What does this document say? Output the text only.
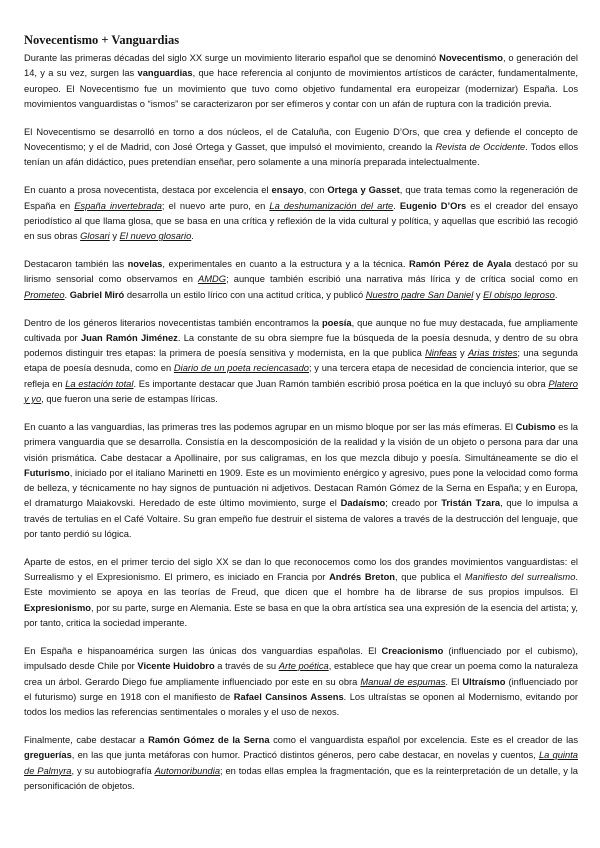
Novecentismo + Vanguardias

Durante las primeras décadas del siglo XX surge un movimiento literario español que se denominó Novecentismo, o generación del 14, y a su vez, surgen las vanguardias, que hace referencia al conjunto de movimientos artísticos de carácter, fundamentalmente, europeo. El Novecentismo fue un movimiento que tuvo como objetivo fundamental era europeizar (modernizar) España. Los movimientos vanguardistas o “ismos” se caracterizaron por ser efímeros y contar con un afán de ruptura con la tradición previa.

El Novecentismo se desarrolló en torno a dos núcleos, el de Cataluña, con Eugenio D’Ors, que crea y defiende el concepto de Novecentismo; y el de Madrid, con José Ortega y Gasset, que impulsó el movimiento, creando la Revista de Occidente. Todos ellos tenían un afán didáctico, pues pretendían enseñar, pero solamente a una minoría preparada intelectualmente.

En cuanto a prosa novecentista, destaca por excelencia el ensayo, con Ortega y Gasset, que trata temas como la regeneración de España en España invertebrada; el nuevo arte puro, en La deshumanización del arte. Eugenio D’Ors es el creador del ensayo periodístico al que llama glosa, que se basa en una crítica y reflexión de la vida cultural y política, y aquellas que escribió las recogió en sus obras Glosari y El nuevo glosario.

Destacaron también las novelas, experimentales en cuanto a la estructura y a la técnica. Ramón Pérez de Ayala destacó por su lirismo sensorial como observamos en AMDG; aunque también escribió una narrativa más lírica y de crítica social como en Prometeo. Gabriel Miró desarrolla un estilo lírico con una actitud crítica, y publicó Nuestro padre San Daniel y El obispo leproso.

Dentro de los géneros literarios novecentistas también encontramos la poesía, que aunque no fue muy destacada, fue ampliamente cultivada por Juan Ramón Jiménez. La constante de su obra siempre fue la búsqueda de la poesía desnuda, y dentro de su obra podemos distinguir tres etapas: la primera de poesía sensitiva y modernista, en la que publica Ninfeas y Arias tristes; una segunda etapa de poesía desnuda, como en Diario de un poeta reciencasado; y una tercera etapa de necesidad de conciencia interior, que se refleja en La estación total. Es importante destacar que Juan Ramón también escribió prosa poética en la que incluyó su obra Platero y yo, que fueron una serie de estampas líricas.

En cuanto a las vanguardias, las primeras tres las podemos agrupar en un mismo bloque por ser las más efímeras. El Cubismo es la primera vanguardia que se desarrolla. Consistía en la descomposición de la realidad y la visión de un objeto o persona para dar una visión prismática. Cabe destacar a Apollinaire, por sus caligramas, en los que mezcla dibujo y poesía. Simultáneamente se dio el Futurismo, iniciado por el italiano Marinetti en 1909. Este es un movimiento enérgico y agresivo, pues pone la velocidad como forma de belleza, y técnicamente no hay signos de puntuación ni adjetivos. Destacan Ramón Gómez de la Serna en España; y en Europa, el dramaturgo Maiakovski. Heredado de este último movimiento, surge el Dadaísmo; creado por Tristán Tzara, que lo impulsa a través de tertulias en el Café Voltaire. Su gran empeño fue destruir el sistema de valores a través de la destrucción del lenguaje, que por tanto perdió su lógica.

Aparte de estos, en el primer tercio del siglo XX se dan lo que reconocemos como los dos grandes movimientos vanguardistas: el Surrealismo y el Expresionismo. El primero, es iniciado en Francia por Andrés Breton, que publica el Manifiesto del surrealismo. Este movimiento se apoya en las teorías de Freud, que dicen que el hombre ha de librarse de sus propios impulsos. El Expresionismo, por su parte, surge en Alemania. Este se basa en que la obra artística sea una expresión de la esencia del artista; y, por tanto, critica la sociedad imperante.

En España e hispanoamérica surgen las únicas dos vanguardias españolas. El Creacionismo (influenciado por el cubismo), impulsado desde Chile por Vicente Huidobro a través de su Arte poética, establece que hay que crear un poema como la naturaleza crea un árbol. Gerardo Diego fue ampliamente influenciado por este en su obra Manual de espumas. El Ultraísmo (influenciado por el futurismo) surge en 1918 con el manifiesto de Rafael Cansinos Assens. Los ultraístas se oponen al Modernismo, evitando por todos los medios las referencias sentimentales o morales y el uso de nexos.

Finalmente, cabe destacar a Ramón Gómez de la Serna como el vanguardista español por excelencia. Este es el creador de las greguerías, en las que junta metáforas con humor. Practicó distintos géneros, pero cabe destacar, en novelas y cuentos, La quinta de Palmyra, y su autobiografía Automoribundia; en todas ellas emplea la fragmentación, que es la reinterpretación de un detalle, y la personificación de objetos.
